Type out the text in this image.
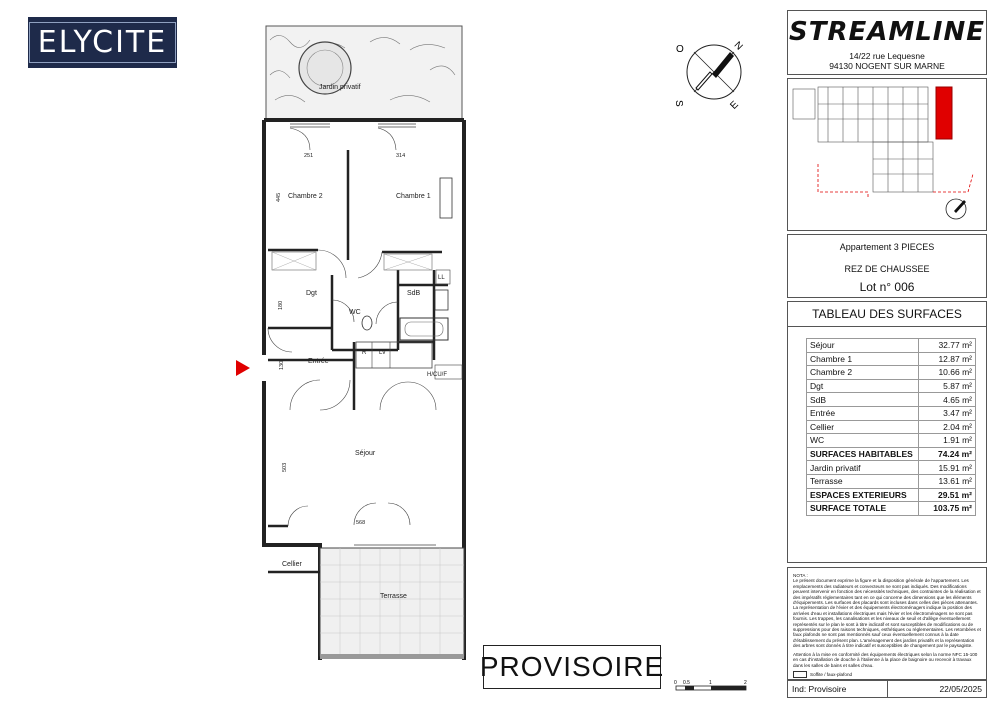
ELYCITE
Jardin privatif
Chambre 2	Chambre 1
Dgt	SdB
WC
Entrée
Séjour
Cellier
Terrasse
LL
R LV
H/CU/F
251	314
445
180
130
503
568
PROVISOIRE
O	N
S	E
0 0.5	1	2
STREAMLINE
14/22 rue Lequesne
94130 NOGENT SUR MARNE
Appartement 3 PIECES
REZ DE CHAUSSEE
Lot n° 006
TABLEAU DES SURFACES
Séjour	32.77 m²
Chambre 1	12.87 m²
Chambre 2	10.66 m²
Dgt	5.87 m²
SdB	4.65 m²
Entrée	3.47 m²
Cellier	2.04 m²
WC	1.91 m²
SURFACES HABITABLES	74.24 m²
Jardin privatif	15.91 m²
Terrasse	13.61 m²
ESPACES EXTERIEURS	29.51 m²
SURFACE TOTALE	103.75 m²
NOTA :
Le présent document exprime la figure et la disposition générale de l'appartement. Les emplacements des radiateurs et convecteurs ne sont pas indiqués. Des modifications peuvent intervenir en fonction des nécessités techniques, des contraintes de la réalisation et des impératifs réglementaires tant en ce qui concerne des dimensions que les éléments d'équipements. Les surfaces des placards sont incluses dans celles des pièces attenantes. La représentation de l'évier et des équipements électroménagers indique la position des arrivées d'eau et installations électriques mais l'évier et les électroménagers ne sont pas fournis. Les trappes, les canalisations et les niveaux de seuil et d'allège éventuellement représentés sur le plan le sont à titre indicatif et sont susceptibles de modifications ou de suppressions pour des raisons techniques, esthétiques ou réglementaires. Les retombées et faux plafonds ne sont pas mentionnés sauf ceux éventuellement connus à la date d'établissement du présent plan. L'aménagement des jardins privatifs et la représentation des arbres sont donnés à titre indicatif et susceptibles de changement par le paysagiste.
Attention à la mise en conformité des équipements électriques selon la norme NFC 15-100 en cas d'installation de douche à l'italienne à la place de baignoire ou recevoir à travaux dans les salles de bains et salles d'eau.
Soffite / faux-plafond
Ind: Provisoire	22/05/2025
